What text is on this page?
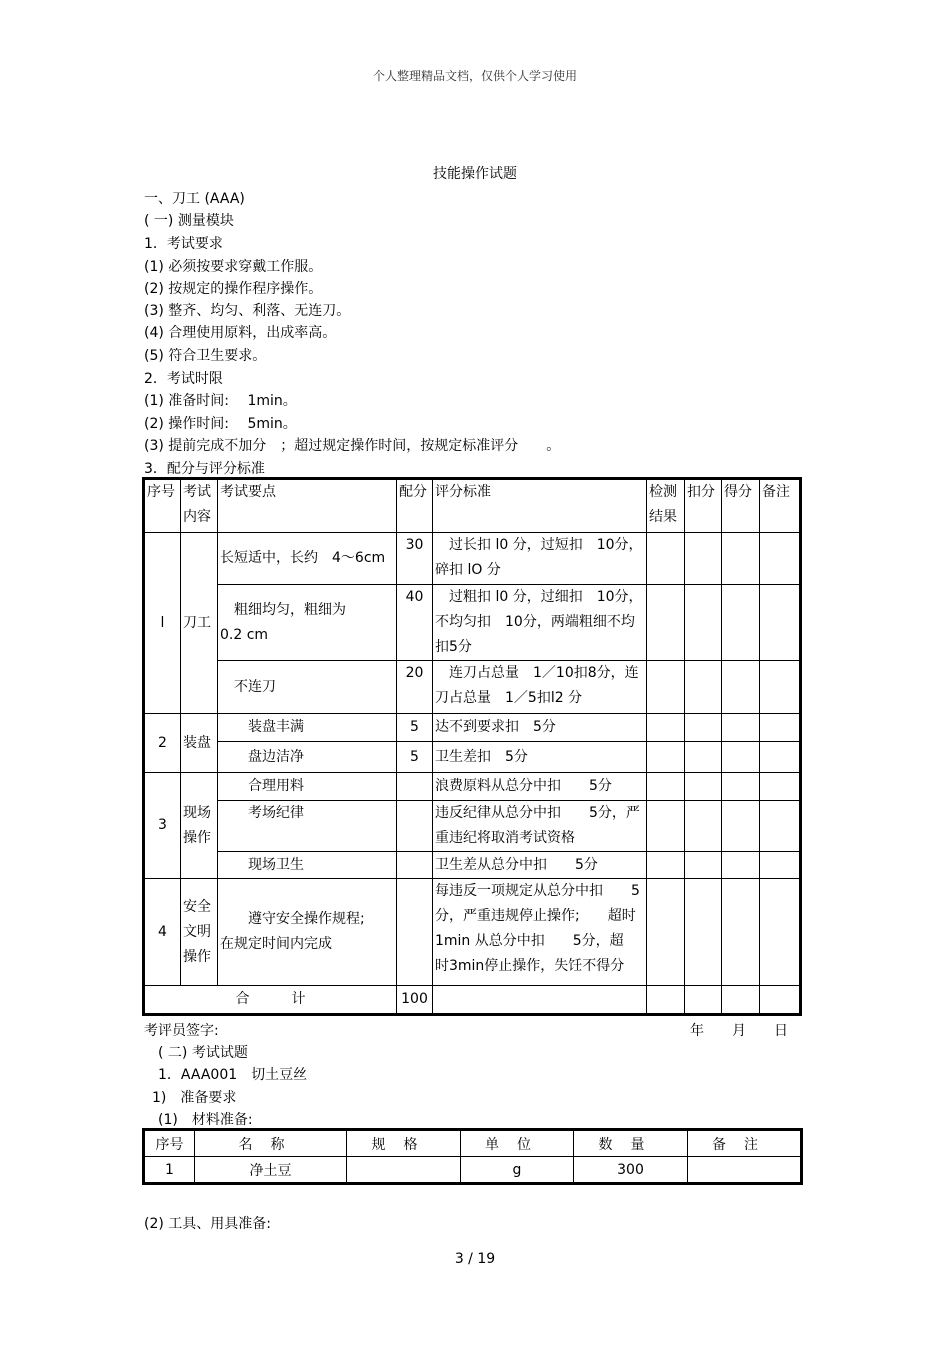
个人整理精品文档，仅供个人学习使用
技能操作试题
一、刀工 (AAA)
( 一) 测量模块
1．考试要求
(1) 必须按要求穿戴工作服。
(2) 按规定的操作程序操作。
(3) 整齐、均匀、利落、无连刀。
(4) 合理使用原料，出成率高。
(5) 符合卫生要求。
2．考试时限
(1) 准备时间:　 1min。
(2) 操作时间:　 5min。
(3) 提前完成不加分　；超过规定操作时间，按规定标准评分　　。
3．配分与评分标准
序号	考试内容	考试要点	配分	评分标准	检测结果	扣分	得分	备注
l	刀工	长短适中，长约　4～6cm	30	　过长扣 l0 分，过短扣　10分，碎扣 lO 分				
		　粗细均匀，粗细为　　0.2 cm	40	　过粗扣 l0 分，过细扣　10分，不均匀扣　10分，两端粗细不均扣5分				
		　不连刀	20	　连刀占总量　1／10扣8分，连刀占总量　1／5扣l2 分				
2	装盘	　　装盘丰满	5	达不到要求扣　5分				
		　　盘边洁净	5	卫生差扣　5分				
3	现场操作	　　合理用料		浪费原料从总分中扣　　5分				
		　　考场纪律		违反纪律从总分中扣　　5分，严重违纪将取消考试资格				
		　　现场卫生		卫生差从总分中扣　　5分				
4	安全文明操作	　　遵守安全操作规程;　　在规定时间内完成		每违反一项规定从总分中扣　　5分，严重违规停止操作;　　超时1min 从总分中扣　　5分，超　时3min停止操作，失饪不得分				
合　　　计			100					
考评员签字:	年　　月　　日
( 二) 考试试题
1．AAA001　切土豆丝
1)　准备要求
(1)　材料准备:
序号	名称	规格	单位	数量	备注
1	净土豆		g	300	
(2) 工具、用具准备:
3 / 19
